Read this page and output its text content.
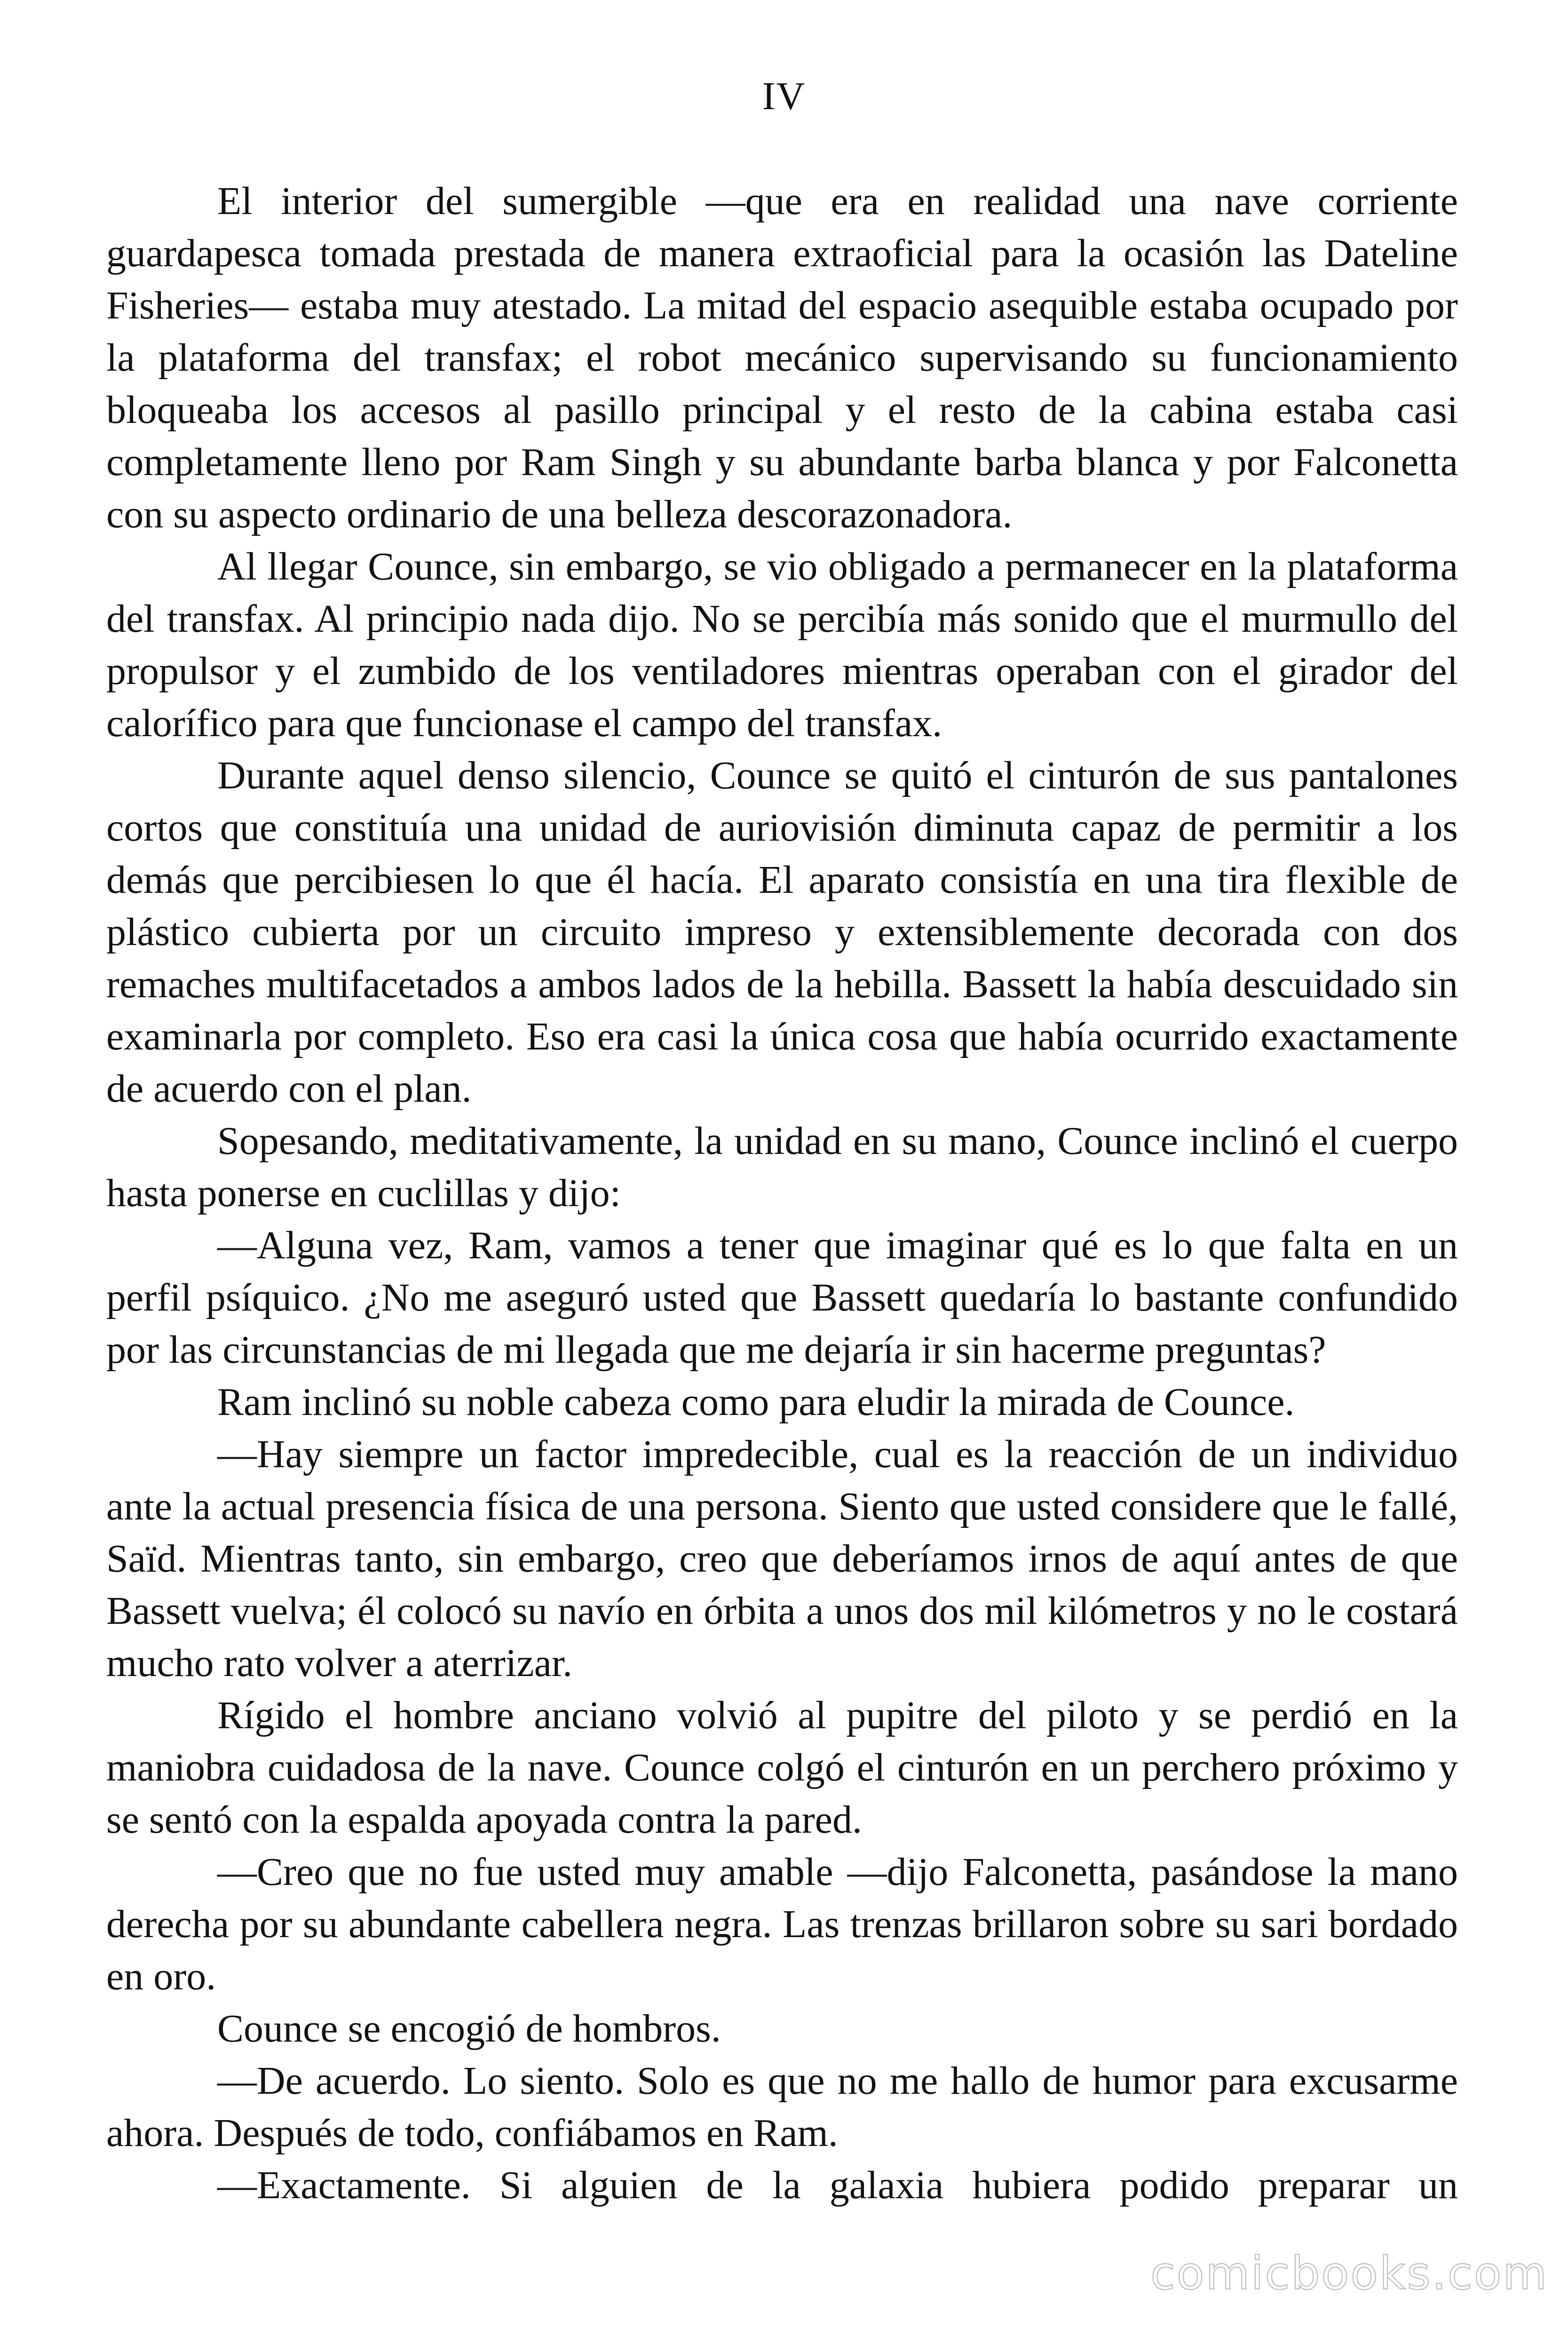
IV

El interior del sumergible —que era en realidad una nave corriente guardapesca tomada prestada de manera extraoficial para la ocasión las Dateline Fisheries— estaba muy atestado. La mitad del espacio asequible estaba ocupado por la plataforma del transfax; el robot mecánico supervisando su funcionamiento bloqueaba los accesos al pasillo principal y el resto de la cabina estaba casi completamente lleno por Ram Singh y su abundante barba blanca y por Falconetta con su aspecto ordinario de una belleza descorazonadora.

Al llegar Counce, sin embargo, se vio obligado a permanecer en la plataforma del transfax. Al principio nada dijo. No se percibía más sonido que el murmullo del propulsor y el zumbido de los ventiladores mientras operaban con el girador del calorífico para que funcionase el campo del transfax.

Durante aquel denso silencio, Counce se quitó el cinturón de sus pantalones cortos que constituía una unidad de auriovisión diminuta capaz de permitir a los demás que percibiesen lo que él hacía. El aparato consistía en una tira flexible de plástico cubierta por un circuito impreso y extensiblemente decorada con dos remaches multifacetados a ambos lados de la hebilla. Bassett la había descuidado sin examinarla por completo. Eso era casi la única cosa que había ocurrido exactamente de acuerdo con el plan.

Sopesando, meditativamente, la unidad en su mano, Counce inclinó el cuerpo hasta ponerse en cuclillas y dijo:

—Alguna vez, Ram, vamos a tener que imaginar qué es lo que falta en un perfil psíquico. ¿No me aseguró usted que Bassett quedaría lo bastante confundido por las circunstancias de mi llegada que me dejaría ir sin hacerme preguntas?

Ram inclinó su noble cabeza como para eludir la mirada de Counce.

—Hay siempre un factor impredecible, cual es la reacción de un individuo ante la actual presencia física de una persona. Siento que usted considere que le fallé, Saïd. Mientras tanto, sin embargo, creo que deberíamos irnos de aquí antes de que Bassett vuelva; él colocó su navío en órbita a unos dos mil kilómetros y no le costará mucho rato volver a aterrizar.

Rígido el hombre anciano volvió al pupitre del piloto y se perdió en la maniobra cuidadosa de la nave. Counce colgó el cinturón en un perchero próximo y se sentó con la espalda apoyada contra la pared.

—Creo que no fue usted muy amable —dijo Falconetta, pasándose la mano derecha por su abundante cabellera negra. Las trenzas brillaron sobre su sari bordado en oro.

Counce se encogió de hombros.

—De acuerdo. Lo siento. Solo es que no me hallo de humor para excusarme ahora. Después de todo, confiábamos en Ram.

—Exactamente. Si alguien de la galaxia hubiera podido preparar un

comicbooks.com
